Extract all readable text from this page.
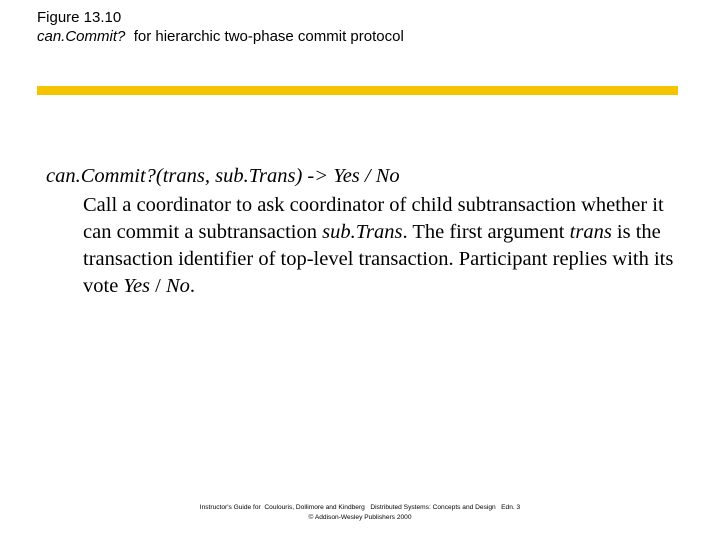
Figure 13.10
can.Commit?  for hierarchic two-phase commit protocol
can.Commit?(trans, sub.Trans) -> Yes / No
Call a coordinator to ask coordinator of child subtransaction whether it can commit a subtransaction sub.Trans. The first argument trans is the transaction identifier of top-level transaction. Participant replies with its vote Yes / No.
Instructor's Guide for  Coulouris, Dollimore and Kindberg   Distributed Systems: Concepts and Design   Edn. 3
© Addison-Wesley Publishers 2000
